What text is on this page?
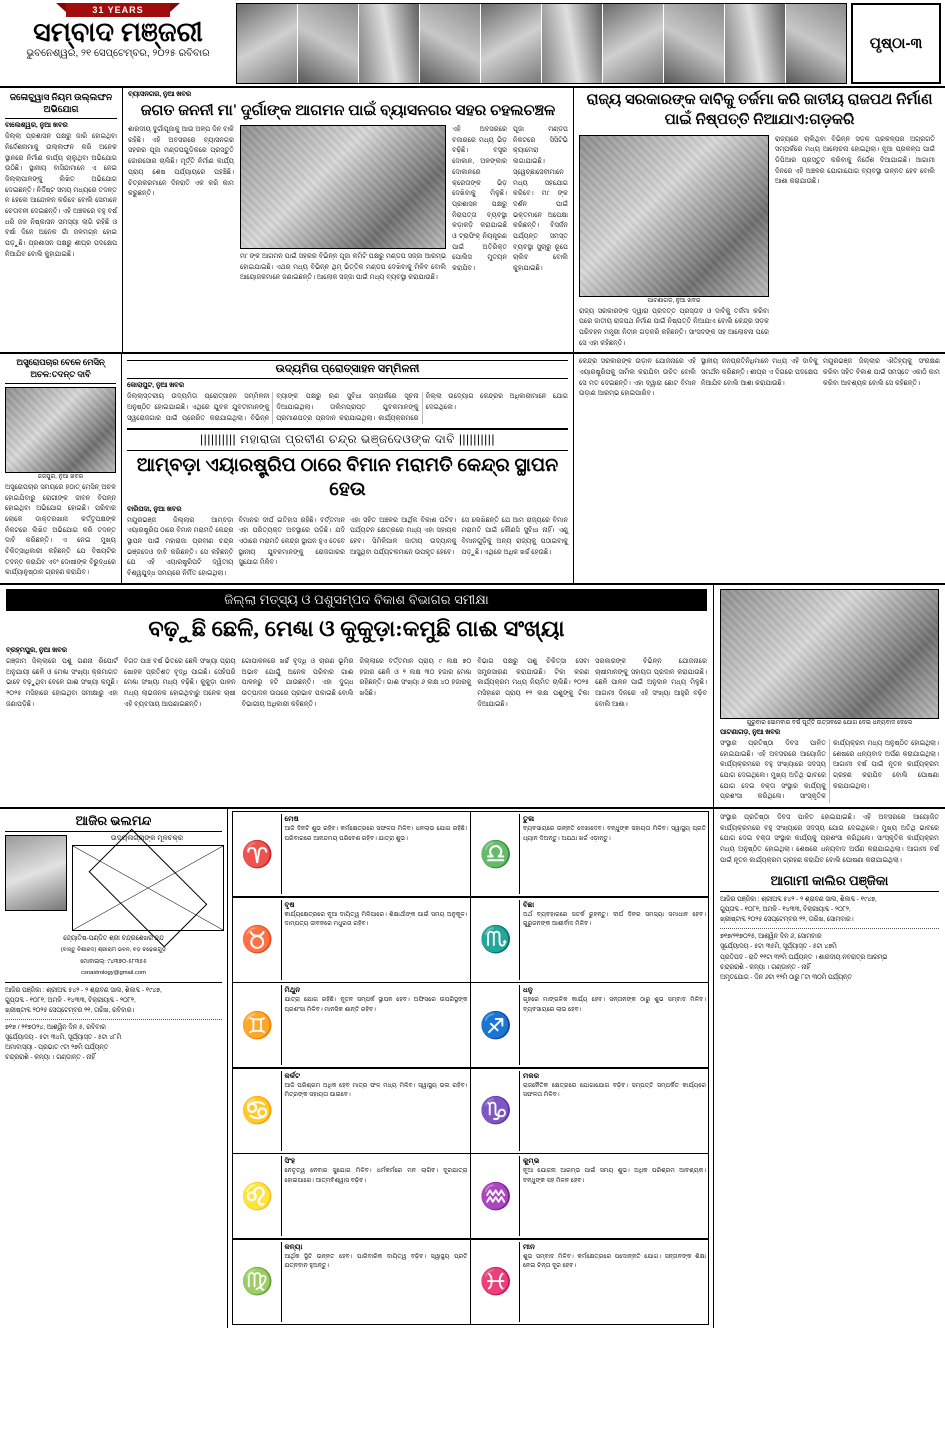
31 YEARS
ସମ୍ବାଦ ମଞ୍ଜରୀ
ଭୁବନେଶ୍ୱର, ୨୧ ସେପ୍ଟେମ୍ବର, ୨୦୨୫ ରବିବାର
ପୃଷ୍ଠା-୩
ଜଳୋଚ୍ଛ୍ୱାସ ନିୟମ ଉଲ୍ଲଙ୍ଘନ ଅଭିଯୋଗ
ବାଲେଶ୍ୱର, ନୁଆ ଖବର
ଜିଲ୍ଲା ପ୍ରଶାସନ ପକ୍ଷରୁ ଜାରି ହୋଇଥିବା ନିର୍ଦ୍ଦେଶନାମାକୁ ଉଲ୍ଲଙ୍ଘନ କରି ଅନେକ ସ୍ଥାନରେ ନିର୍ମାଣ କାର୍ଯ୍ୟ ଚାଲୁଥିବା ଅଭିଯୋଗ ଉଠିଛି। ସ୍ଥାନୀୟ ବାସିନ୍ଦାମାନେ ଏ ନେଇ ଜିଲ୍ଲାପାଳଙ୍କୁ ଲିଖିତ ଅଭିଯୋଗ ଦେଇଛନ୍ତି। ନିର୍ଦ୍ଦିଷ୍ଟ ସମୟ ମଧ୍ୟରେ ତଦନ୍ତ ନ ହେଲେ ଆନ୍ଦୋଳନ କରିବେ ବୋଲି ସେମାନେ ଚେତାବନୀ ଦେଇଛନ୍ତି। ଏହି ଅଞ୍ଚଳରେ ବହୁ ବର୍ଷ ଧରି ଜଳ ନିଷ୍କାସନ ସମସ୍ୟା ଲାଗି ରହିଛି ଓ ବର୍ଷା ଦିନେ ଅନେକ ଗାଁ ଜଳମଗ୍ନ ହୋଇ ପଡ଼ୁଛି। ପ୍ରଶାସନ ପକ୍ଷରୁ ଶୀଘ୍ର ପଦକ୍ଷେପ ନିଆଯିବ ବୋଲି କୁହାଯାଇଛି।
ବ୍ୟାସନଗର, ନୁଆ ଖବର
ଜଗତ ଜନନୀ ମା' ଦୁର୍ଗାଙ୍କ ଆଗମନ ପାଇଁ ବ୍ୟାସନଗର ସହର ଚହଲଚଞ୍ଚଳ
ଶାରଦୀୟ ଦୁର୍ଗାପୂଜାକୁ ଆଉ ଅଳ୍ପ ଦିନ ବାକି ରହିଛି। ଏହି ଅବସରରେ ବ୍ୟାସନଗର ସହରର ପୂଜା ମଣ୍ଡପଗୁଡ଼ିକରେ ପ୍ରସ୍ତୁତି ଜୋରସୋର ଚାଲିଛି। ମୂର୍ତ୍ତି ନିର୍ମାଣ କାର୍ଯ୍ୟ ପ୍ରାୟ ଶେଷ ପର୍ଯ୍ୟାୟରେ ପହଞ୍ଚିଛି। ଚିତ୍ରକରମାନେ ଦିନରାତି ଏକ କରି କାମ କରୁଛନ୍ତି।
ମା' ଙ୍କ ଆଗମନ ପାଇଁ ସହରର ବିଭିନ୍ନ ପୂଜା କମିଟି ପକ୍ଷରୁ ମଣ୍ଡପ ସଜ୍ଜା ଆରମ୍ଭ ହୋଇଯାଇଛି। ଏଥର ମଧ୍ୟ ବିଭିନ୍ନ ଥିମ୍ ଭିତ୍ତିକ ମଣ୍ଡପ ଦେଖିବାକୁ ମିଳିବ ବୋଲି ଆୟୋଜକମାନେ ଜଣାଇଛନ୍ତି। ଆଲୋକ ସଜ୍ଜା ପାଇଁ ମଧ୍ୟ ବ୍ୟବସ୍ଥା କରାଯାଉଛି।
ଏହି ଅବସରରେ ବଜାରରେ ମଧ୍ୟ ଭିଡ଼ ବଢ଼ିଛି। ବସ୍ତ୍ର ଦୋକାନ, ଅଳଙ୍କାର ଦୋକାନରେ କ୍ରେତାଙ୍କ ଭିଡ଼ ଦେଖିବାକୁ ମିଳୁଛି। ପ୍ରଶାସନ ପକ୍ଷରୁ ନିରାପତ୍ତା ବ୍ୟବସ୍ଥା କଡ଼ାକଡ଼ି କରାଯାଇଛି ଓ ଟ୍ରାଫିକ୍ ନିୟନ୍ତ୍ରଣ ପାଇଁ ଅତିରିକ୍ତ ପୋଲିସ ମୁତୟନ କରାଯିବ।
ପୂଜା ମଣ୍ଡପ ନିକଟରେ ସିସିଟିଭି କ୍ୟାମେରା ଲଗାଯାଇଛି। ସ୍ୱେଚ୍ଛାସେବୀମାନେ ମଧ୍ୟ ସହଯୋଗ କରିବେ। ମା' ଙ୍କ ଦର୍ଶନ ପାଇଁ ଭକ୍ତମାନେ ଅପେକ୍ଷା କରିଛନ୍ତି। ବିସର୍ଜନ ପର୍ଯ୍ୟନ୍ତ ସମସ୍ତ ବ୍ୟବସ୍ଥା ସୁଚାରୁ ରୂପେ ଚାଲିବ ବୋଲି କୁହାଯାଇଛି।
ରାଜ୍ୟ ସରକାରଙ୍କ ଦାବିକୁ ତର୍ଜମା କରି ଜାତୀୟ ରାଜପଥ ନିର୍ମାଣ ପାଇଁ ନିଷ୍ପତ୍ତି ନିଆଯାଏ:ଗଡ଼କରି
ପାଟଣାଗଡ଼, ନୁଆ ଖବର
ରାଜ୍ୟ ସରକାରଙ୍କ ଦ୍ୱାରା ପ୍ରଦତ୍ତ ପ୍ରସ୍ତାବ ଓ ଦାବିକୁ ତର୍ଜମା କରିବା ପରେ ଜାତୀୟ ରାଜପଥ ନିର୍ମାଣ ପାଇଁ ନିଷ୍ପତ୍ତି ନିଆଯାଏ ବୋଲି କେନ୍ଦ୍ର ସଡ଼କ ପରିବହନ ମନ୍ତ୍ରୀ ନିତୀନ ଗଡ଼କରି କହିଛନ୍ତି। ସାଂସଦଙ୍କ ସହ ଆଲୋଚନା ପରେ ସେ ଏହା କହିଛନ୍ତି।
ରାଜ୍ୟରେ ଚାଲିଥିବା ବିଭିନ୍ନ ସଡ଼କ ପ୍ରକଳ୍ପର ଅଗ୍ରଗତି ସମ୍ପର୍କରେ ମଧ୍ୟ ଆଲୋଚନା ହୋଇଥିଲା। ନୂଆ ପ୍ରକଳ୍ପ ପାଇଁ ଡିପିଆର ପ୍ରସ୍ତୁତ କରିବାକୁ ନିର୍ଦ୍ଦେଶ ଦିଆଯାଇଛି। ଆଗାମୀ ଦିନରେ ଏହି ଅଞ୍ଚଳର ଯୋଗାଯୋଗ ବ୍ୟବସ୍ଥା ଉନ୍ନତ ହେବ ବୋଲି ଆଶା କରାଯାଉଛି।
ଅସ୍ତ୍ରୋପଚାର ବେଳେ ମେସିନ୍ ଅଚଳ:ତଦନ୍ତ ଦାବି
ଜଜପୁର, ନୁଆ ଖବର
ଅସ୍ତ୍ରୋପଚାର ସମୟରେ ହଠାତ୍ ମେସିନ୍ ଅଚଳ ହୋଇଯିବାରୁ ରୋଗୀଙ୍କ ଜୀବନ ବିପନ୍ନ ହୋଇଥିବା ଅଭିଯୋଗ ହୋଇଛି। ପରିବାର ଲୋକେ ଡାକ୍ତରଖାନା କର୍ତ୍ତୃପକ୍ଷଙ୍କ ନିକଟରେ ଲିଖିତ ଅଭିଯୋଗ କରି ତଦନ୍ତ ଦାବି କରିଛନ୍ତି। ଏ ନେଇ ମୁଖ୍ୟ ଚିକିତ୍ସାଧିକାରୀ କହିଛନ୍ତି ଯେ ବିଷୟଟିର ତଦନ୍ତ କରାଯିବ ଏବଂ ଦୋଷୀଙ୍କ ବିରୁଦ୍ଧରେ କାର୍ଯ୍ୟାନୁଷ୍ଠାନ ଗ୍ରହଣ କରାଯିବ।
ଉଦ୍ୟମିତା ପ୍ରୋତ୍ସାହନ ସମ୍ମିଳନୀ
କୋରାପୁଟ, ନୁଆ ଖବର
ଜିଲ୍ଲାସ୍ତରୀୟ ଉଦ୍ୟମିତା ପ୍ରୋତ୍ସାହନ ସମ୍ମିଳନୀ ଅନୁଷ୍ଠିତ ହୋଇଯାଇଛି। ଏଥିରେ ଯୁବକ ଯୁବତୀମାନଙ୍କୁ ସ୍ୱରୋଜଗାର ପାଇଁ ପ୍ରେରିତ କରାଯାଇଥିଲା। ବିଭିନ୍ନ ବ୍ୟାଙ୍କ ପକ୍ଷରୁ ଋଣ ସୁବିଧା ସମ୍ପର୍କରେ ସୂଚନା ଦିଆଯାଇଥିଲା। ତାଲିମପ୍ରାପ୍ତ ଯୁବକମାନଙ୍କୁ ପ୍ରମାଣପତ୍ର ପ୍ରଦାନ କରାଯାଇଥିଲା। କାର୍ଯ୍ୟକ୍ରମରେ ଜିଲ୍ଲା ଉଦ୍ୟୋଗ କେନ୍ଦ୍ରର ଅଧିକାରୀମାନେ ଯୋଗ ଦେଇଥିଲେ।
|||||||||| ମହାରାଜା ପ୍ରବୀଣ ଚନ୍ଦ୍ର ଭଞ୍ଜଦେଓଙ୍କ ଦାବି ||||||||||
ଆମ୍ବଡ଼ା ଏୟାରଷ୍ଟ୍ରିପ ଠାରେ ବିମାନ ମରାମତି କେନ୍ଦ୍ର ସ୍ଥାପନ ହେଉ
ବାରିପଦା, ନୁଆ ଖବର
ମୟୂରଭଞ୍ଜ ଜିଲ୍ଲାର ଆମ୍ବଡ଼ା ଏୟାରଷ୍ଟ୍ରିପ ଠାରେ ବିମାନ ମରାମତି କେନ୍ଦ୍ର ସ୍ଥାପନ ପାଇଁ ମହାରାଜା ପ୍ରବୀଣ ଚନ୍ଦ୍ର ଭଞ୍ଜଦେଓ ଦାବି କରିଛନ୍ତି। ସେ କହିଛନ୍ତି ଯେ ଏହି ଏୟାରଷ୍ଟ୍ରିପଟି ଦ୍ୱିତୀୟ ବିଶ୍ୱଯୁଦ୍ଧ ସମୟରେ ନିର୍ମିତ ହୋଇଥିଲା।
ବିମାନର ଦୀର୍ଘ ଇତିହାସ ରହିଛି। ବର୍ତ୍ତମାନ ଏହା ପରିତ୍ୟକ୍ତ ଅବସ୍ଥାରେ ପଡ଼ିଛି। ଯଦି ଏଠାରେ ମରାମତି କେନ୍ଦ୍ର ସ୍ଥାପନ ହୁଏ ତେବେ ସ୍ଥାନୀୟ ଯୁବକମାନଙ୍କୁ ରୋଜଗାରର ସୁଯୋଗ ମିଳିବ।
ଏହା ସହିତ ଅଞ୍ଚଳର ଆର୍ଥିକ ବିକାଶ ଘଟିବ। ପର୍ଯ୍ୟଟନ କ୍ଷେତ୍ରରେ ମଧ୍ୟ ଏହା ସହାୟକ ହେବ। ସିମିଳିପାଳ ଜାତୀୟ ଉଦ୍ୟାନକୁ ଆସୁଥିବା ପର୍ଯ୍ୟଟକମାନେ ଉପକୃତ ହେବେ।
ସେ ଲେଖିଛନ୍ତି ଯେ ଆମ ରାଜ୍ୟରେ ବିମାନ ମରାମତି ପାଇଁ କୌଣସି ସୁବିଧା ନାହିଁ। ଏଣୁ ବିମାନଗୁଡ଼ିକୁ ଅନ୍ୟ ରାଜ୍ୟକୁ ପଠାଇବାକୁ ପଡ଼ୁଛି। ଏଥିରେ ଅଧିକ ଖର୍ଚ୍ଚ ହେଉଛି।
କେନ୍ଦ୍ର ସରକାରଙ୍କ ଉଡ଼ାନ ଯୋଜନାରେ ଏହି ଏୟାରଷ୍ଟ୍ରିପକୁ ସାମିଲ କରାଯିବା ଉଚିତ ବୋଲି ସେ ମତ ଦେଇଛନ୍ତି। ଏହା ଦ୍ୱାରା ଛୋଟ ବିମାନ ଉଡ଼ାଣ ଆରମ୍ଭ ହୋଇପାରିବ।
ସ୍ଥାନୀୟ ଜନପ୍ରତିନିଧିମାନେ ମଧ୍ୟ ଏହି ଦାବିକୁ ସମର୍ଥନ କରିଛନ୍ତି। ଶୀଘ୍ର ଏ ଦିଗରେ ପଦକ୍ଷେପ ନିଆଯିବ ବୋଲି ଆଶା କରାଯାଉଛି।
ମୟୂରଭଞ୍ଜ ଜିଲ୍ଲାର ଐତିହ୍ୟକୁ ସଂରକ୍ଷଣ କରିବା ସହିତ ବିକାଶ ପାଇଁ ସମସ୍ତେ ଏକାଠି କାମ କରିବା ଆବଶ୍ୟକ ବୋଲି ସେ କହିଛନ୍ତି।
ଜିଲ୍ଲା ମତ୍ସ୍ୟ ଓ ପଶୁସମ୍ପଦ ବିକାଶ ବିଭାଗର ସମୀକ୍ଷା
ବଢ଼ୁଛି ଛେଳି, ମେଣ୍ଢା ଓ କୁକୁଡ଼ା:କମୁଛି ଗାଈ ସଂଖ୍ୟା
ବ୍ରହ୍ମପୁର, ନୁଆ ଖବର
ଗଞ୍ଜାମ ଜିଲ୍ଲାରେ ପଶୁ ଗଣନା ରିପୋର୍ଟ ଅନୁଯାୟୀ ଛେଳି ଓ ମେଣ୍ଢା ସଂଖ୍ୟା କ୍ରମାଗତ ଭାବେ ବଢ଼ୁଥିବା ବେଳେ ଗାଈ ସଂଖ୍ୟା କମୁଛି। ୨୦୨୫ ମସିହାରେ ହୋଇଥିବା ସମୀକ୍ଷାରୁ ଏହା ଜଣାପଡ଼ିଛି।
ବିଗତ ପାଞ୍ଚ ବର୍ଷ ଭିତରେ ଛେଳି ସଂଖ୍ୟା ପ୍ରାୟ ଷୋହଳ ପ୍ରତିଶତ ବୃଦ୍ଧି ପାଇଛି। ସେହିପରି ମେଣ୍ଢା ସଂଖ୍ୟା ମଧ୍ୟ ବଢ଼ିଛି। କୁକୁଡ଼ା ପାଳନ ମଧ୍ୟ ଲାଭଜନକ ହୋଇଥିବାରୁ ଅନେକ ଚାଷୀ ଏହି ବ୍ୟବସାୟ ଆପଣାଇଛନ୍ତି।
ଗୋପାଳନରେ ଖର୍ଚ୍ଚ ବୃଦ୍ଧି ଓ ଚାରଣ ଭୂମିର ଅଭାବ ଯୋଗୁଁ ଅନେକ ପରିବାର ଗାଈ ପାଳନରୁ ହଟି ଯାଉଛନ୍ତି। ଏହା ଦୁଗ୍ଧ ଉତ୍ପାଦନ ଉପରେ ପ୍ରଭାବ ପକାଇଛି ବୋଲି ବିଭାଗୀୟ ଅଧିକାରୀ କହିଛନ୍ତି।
ଜିଲ୍ଲାରେ ବର୍ତ୍ତମାନ ପ୍ରାୟ ୯ ଲକ୍ଷ ୭୦ ହଜାର ଛେଳି ଓ ୨ ଲକ୍ଷ ୩୦ ହଜାର ମେଣ୍ଢା ରହିଛନ୍ତି। ଗାଈ ସଂଖ୍ୟା ୬ ଲକ୍ଷ ୪୦ ହଜାରକୁ ଖସିଛି।
ବିଭାଗ ପକ୍ଷରୁ ପଶୁ ଚିକିତ୍ସା ସେବା ସମ୍ପ୍ରସାରଣ କରାଯାଉଛି। ଟିକା କରଣ କାର୍ଯ୍ୟକ୍ରମ ମଧ୍ୟ ନିୟମିତ ଚାଲିଛି। ୨୦୨୫ ମସିହାରେ ପ୍ରାୟ ୧୨ ଲକ୍ଷ ପଶୁଙ୍କୁ ଟିକା ଦିଆଯାଇଛି।
ସରକାରଙ୍କ ବିଭିନ୍ନ ଯୋଜନାରେ ଚାଷୀମାନଙ୍କୁ ସହାୟତା ପ୍ରଦାନ କରାଯାଉଛି। ଛେଳି ପାଳନ ପାଇଁ ଅନୁଦାନ ମଧ୍ୟ ମିଳୁଛି। ଆଗାମୀ ଦିନରେ ଏହି ସଂଖ୍ୟା ଆହୁରି ବଢ଼ିବ ବୋଲି ଆଶା।
ଗୁରୁବାର ସୋମବାର ବର୍ଷ ପୂର୍ତ୍ତି ଉତ୍ସବରେ ଯୋଗ ଦେଇ ଧନ୍ୟବାଦ ଦେଲେ
ପାଟଣାଗଡ଼, ନୁଆ ଖବର
ସଂସ୍ଥାର ପ୍ରତିଷ୍ଠା ଦିବସ ପାଳିତ ହୋଇଯାଇଛି। ଏହି ଅବସରରେ ଆୟୋଜିତ କାର୍ଯ୍ୟକ୍ରମରେ ବହୁ ସଂଖ୍ୟାରେ ସଦସ୍ୟ ଯୋଗ ଦେଇଥିଲେ। ମୁଖ୍ୟ ଅତିଥି ଭାବରେ ଯୋଗ ଦେଇ ବକ୍ତା ସଂସ୍ଥାର କାର୍ଯ୍ୟକୁ ପ୍ରଶଂସା କରିଥିଲେ। ସାଂସ୍କୃତିକ କାର୍ଯ୍ୟକ୍ରମ ମଧ୍ୟ ଅନୁଷ୍ଠିତ ହୋଇଥିଲା। ଶେଷରେ ଧନ୍ୟବାଦ ଅର୍ପଣ କରାଯାଇଥିଲା। ଆଗାମୀ ବର୍ଷ ପାଇଁ ନୂତନ କାର୍ଯ୍ୟକ୍ରମ ଗ୍ରହଣ କରାଯିବ ବୋଲି ଘୋଷଣା କରାଯାଇଥିଲା।
ଆଜିର ଭଲମନ୍ଦ
ଉଦୟଲଗ୍ନାଙ୍କ ମୂଳଚକ୍ର
ଜ୍ୟୋତିଷ-ପଣ୍ଡିତ ଶ୍ରୀ ଚନ୍ଦ୍ରଶେଖର ନନ୍ଦ
(ବାସ୍ତୁ ବିଶାରଦ) ଶ୍ରୀରାମ ଭବନ, ବଡ଼ ଚଢ଼େଇଗୁଡ଼
ମୋବାଇଲ୍: ୯୪୩୭୦-୫୮୩୫୫
csnastrology@gmail.com
ଆଜିର ପଞ୍ଜିକା : ଶ୍ରୀଅବ୍ଦ ୫୪୨ - ୨ ଶ୍ରାବଣ ସାଲ, ଶିକାବ୍ଦ - ୧୯୪୭,
ଗୁପ୍ତାବ୍ଦ - ୧୦୮୧, ଅମଳି - ୧୪୩୩, ବିକ୍ରୀୟାବ୍ଦ - ୨୦୮୨,
ଖ୍ରୀଷ୍ଟାବ୍ଦ ୨୦୨୫ ସେପ୍ଟେମ୍ବର ୨୧, ତାରିଖ, ରବିବାର।
୭୧୭ / ୨୧୭୦୨୪, ଆଶ୍ୱିନ ଦିନ ୫, ରବିବାର
ସୂର୍ଯ୍ୟୋଦୟ - ୫ଟା ୩୪ମି, ସୂର୍ଯ୍ୟାସ୍ତ - ୫ଟା ୪୮ମି
ଅମାବାସ୍ୟା - ପ୍ରଭାତ ୯ଟା ୨୭ମି ପର୍ଯ୍ୟନ୍ତ
ଚନ୍ଦ୍ରରାଶି - କନ୍ୟା । ଗଣ୍ଡାନ୍ତ - ନାହିଁ
♈
ମେଷ
ଆଜି ଦିନଟି ଶୁଭ ରହିବ। କର୍ମକ୍ଷେତ୍ରରେ ସଫଳତା ମିଳିବ। ଧନଲାଭ ଯୋଗ ରହିଛି। ପରିବାରରେ ଆନନ୍ଦମୟ ପରିବେଶ ରହିବ। ଯାତ୍ରା ଶୁଭ।
♎
ତୁଳା
ବ୍ୟବସାୟରେ ଉନ୍ନତି ଦେଖାଦେବ। ବନ୍ଧୁଙ୍କ ସହାୟତା ମିଳିବ। ସ୍ୱାସ୍ଥ୍ୟ ପ୍ରତି ଧ୍ୟାନ ଦିଅନ୍ତୁ। ଅଯଥା ଖର୍ଚ୍ଚ ଏଡ଼ାନ୍ତୁ।
♉
ବୃଷ
କାର୍ଯ୍ୟକ୍ଷେତ୍ରରେ ନୂଆ ଦାୟିତ୍ୱ ମିଳିପାରେ। ଶିକ୍ଷାର୍ଥୀଙ୍କ ପାଇଁ ସମୟ ଅନୁକୂଳ। ଦାମ୍ପତ୍ୟ ଜୀବନରେ ମଧୁରତା ରହିବ।
♏
ବିଛା
ଅର୍ଥ ବ୍ୟବହାରରେ ସତର୍କ ରୁହନ୍ତୁ। ଦୀର୍ଘ ଦିନର ସମସ୍ୟା ସମାଧାନ ହେବ। ଗୁରୁଜନଙ୍କ ଆଶୀର୍ବାଦ ମିଳିବ।
♊
ମିଥୁନ
ଯାତ୍ରା ଯୋଗ ରହିଛି। ନୂତନ ସମ୍ପର୍କ ସ୍ଥାପନ ହେବ। ଅଫିସରେ ଉପରିସ୍ଥଙ୍କ ପ୍ରଶଂସା ମିଳିବ। ମାନସିକ ଶାନ୍ତି ରହିବ।
♐
ଧନୁ
ଗୃହରେ ମାଙ୍ଗଳିକ କାର୍ଯ୍ୟ ହେବ। ସନ୍ତାନଙ୍କ ଠାରୁ ଶୁଭ ସମ୍ବାଦ ମିଳିବ। ବ୍ୟବସାୟରେ ଲାଭ ହେବ।
♋
କର୍କଟ
ଆଜି ପରିଶ୍ରମ ଅଧିକ ହେବ ମାତ୍ର ଫଳ ମଧ୍ୟ ମିଳିବ। ସ୍ୱାସ୍ଥ୍ୟ ଭଲ ରହିବ। ମିତ୍ରଙ୍କ ସହାୟତା ପାଇବେ।
♑
ମକର
ରାଜନୈତିକ କ୍ଷେତ୍ରରେ ଯୋଗାଯୋଗ ବଢ଼ିବ। ସମ୍ପତ୍ତି ସମ୍ପର୍କିତ କାର୍ଯ୍ୟରେ ସଫଳତା ମିଳିବ।
♌
ସିଂହ
ନେତୃତ୍ୱ ନେବାର ସୁଯୋଗ ମିଳିବ। ଧର୍ମକର୍ମରେ ମନ ଲାଗିବ। ଦୂରଯାତ୍ରା ହୋଇପାରେ। ଆତ୍ମବିଶ୍ୱାସ ବଢ଼ିବ।
♒
କୁମ୍ଭ
ନୂଆ ଯୋଜନା ଆରମ୍ଭ ପାଇଁ ସମୟ ଶୁଭ। ଅଧିକ ପରିଶ୍ରମ ଆବଶ୍ୟକ। ବନ୍ଧୁଙ୍କ ସହ ମିଳନ ହେବ।
♍
କନ୍ୟା
ଆର୍ଥିକ ସ୍ଥିତି ଉନ୍ନତ ହେବ। ପାରିବାରିକ ଦାୟିତ୍ୱ ବଢ଼ିବ। ସ୍ୱାସ୍ଥ୍ୟ ପ୍ରତି ଯତ୍ନବାନ ହୁଅନ୍ତୁ।
♓
ମୀନ
ଶୁଭ ସମ୍ବାଦ ମିଳିବ। କର୍ମକ୍ଷେତ୍ରରେ ପଦୋନ୍ନତି ଯୋଗ। ସନ୍ତାନଙ୍କ ଶିକ୍ଷା ନେଇ ଚିନ୍ତା ଦୂର ହେବ।
ସଂସ୍ଥାର ପ୍ରତିଷ୍ଠା ଦିବସ ପାଳିତ ହୋଇଯାଇଛି। ଏହି ଅବସରରେ ଆୟୋଜିତ କାର୍ଯ୍ୟକ୍ରମରେ ବହୁ ସଂଖ୍ୟାରେ ସଦସ୍ୟ ଯୋଗ ଦେଇଥିଲେ। ମୁଖ୍ୟ ଅତିଥି ଭାବରେ ଯୋଗ ଦେଇ ବକ୍ତା ସଂସ୍ଥାର କାର୍ଯ୍ୟକୁ ପ୍ରଶଂସା କରିଥିଲେ। ସାଂସ୍କୃତିକ କାର୍ଯ୍ୟକ୍ରମ ମଧ୍ୟ ଅନୁଷ୍ଠିତ ହୋଇଥିଲା। ଶେଷରେ ଧନ୍ୟବାଦ ଅର୍ପଣ କରାଯାଇଥିଲା। ଆଗାମୀ ବର୍ଷ ପାଇଁ ନୂତନ କାର୍ଯ୍ୟକ୍ରମ ଗ୍ରହଣ କରାଯିବ ବୋଲି ଘୋଷଣା କରାଯାଇଥିଲା।
ଆଗାମୀ କାଲିର ପଞ୍ଜିକା
ଆଜିର ପଞ୍ଜିକା : ଶ୍ରୀଅବ୍ଦ ୫୪୨ - ୨ ଶ୍ରାବଣ ସାଲ, ଶିକାବ୍ଦ - ୧୯୪୭,
ଗୁପ୍ତାବ୍ଦ - ୧୦୮୧, ଅମଳି - ୧୪୩୩, ବିକ୍ରୀୟାବ୍ଦ - ୨୦୮୨,
ଖ୍ରୀଷ୍ଟାବ୍ଦ ୨୦୨୫ ସେପ୍ଟେମ୍ବର ୨୨, ତାରିଖ, ସୋମବାର।
୭୧୭/୨୧୭୦୨୫, ଆଶ୍ୱିନ ଦିନ ୬, ସୋମବାର
ସୂର୍ଯ୍ୟୋଦୟ - ୫ଟା ୩୫ମି, ସୂର୍ଯ୍ୟାସ୍ତ - ୫ଟା ୪୭ମି
ପ୍ରତିପଦ - ରାତି ୧୧ଟା ୩୨ମି ପର୍ଯ୍ୟନ୍ତ । ଶାରଦୀୟ ନବରାତ୍ର ଆରମ୍ଭ
ଚନ୍ଦ୍ରରାଶି - କନ୍ୟା । ଗଣ୍ଡାନ୍ତ - ନାହିଁ
ଅମୃତଯୋଗ - ଦିନ ୬ଟା ୧୨ମି ଠାରୁ ୮ଟା ୩୦ମି ପର୍ଯ୍ୟନ୍ତ
